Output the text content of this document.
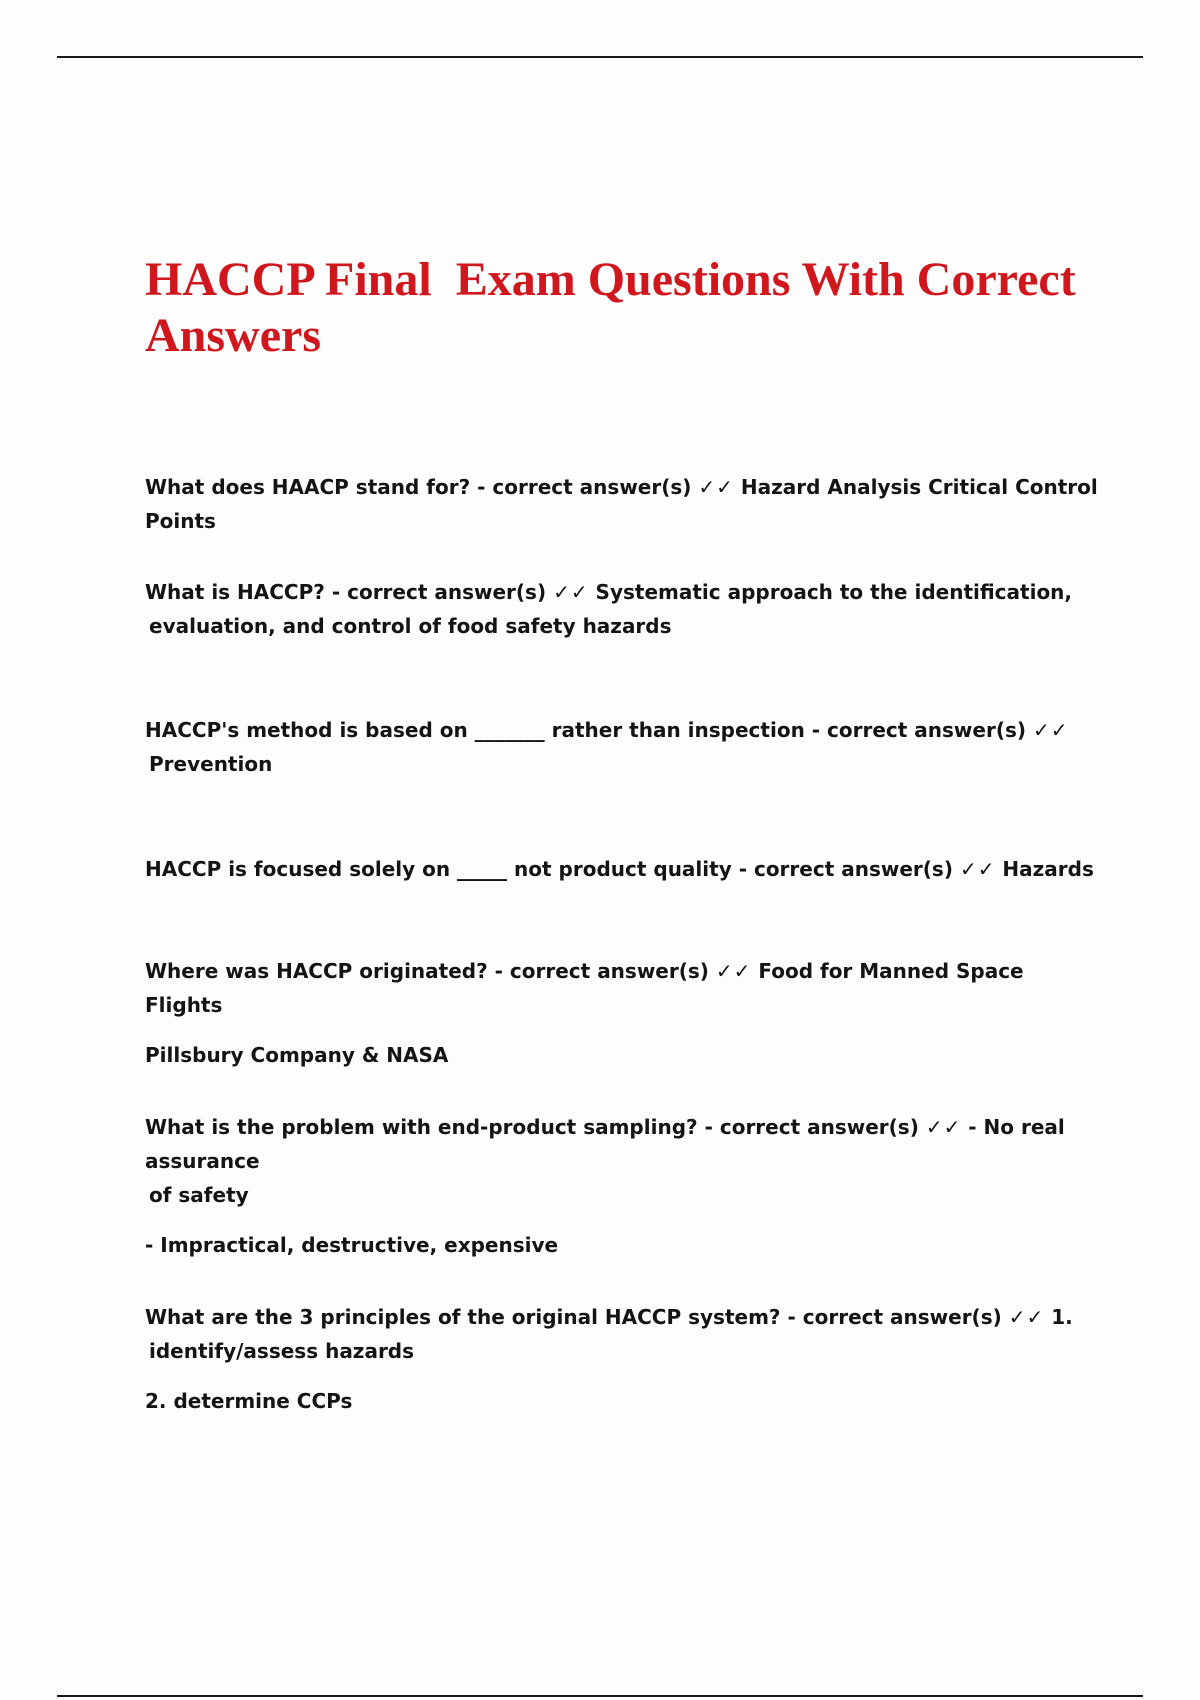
HACCP Final  Exam Questions With Correct Answers

What does HAACP stand for? - correct answer(s) ✓✓ Hazard Analysis Critical Control Points

What is HACCP? - correct answer(s) ✓✓ Systematic approach to the identification,

evaluation, and control of food safety hazards

HACCP's method is based on _______ rather than inspection - correct answer(s) ✓✓

Prevention

HACCP is focused solely on _____ not product quality - correct answer(s) ✓✓ Hazards

Where was HACCP originated? - correct answer(s) ✓✓ Food for Manned Space Flights

Pillsbury Company & NASA

What is the problem with end-product sampling? - correct answer(s) ✓✓ - No real assurance

of safety

- Impractical, destructive, expensive

What are the 3 principles of the original HACCP system? - correct answer(s) ✓✓ 1.

identify/assess hazards

2. determine CCPs
